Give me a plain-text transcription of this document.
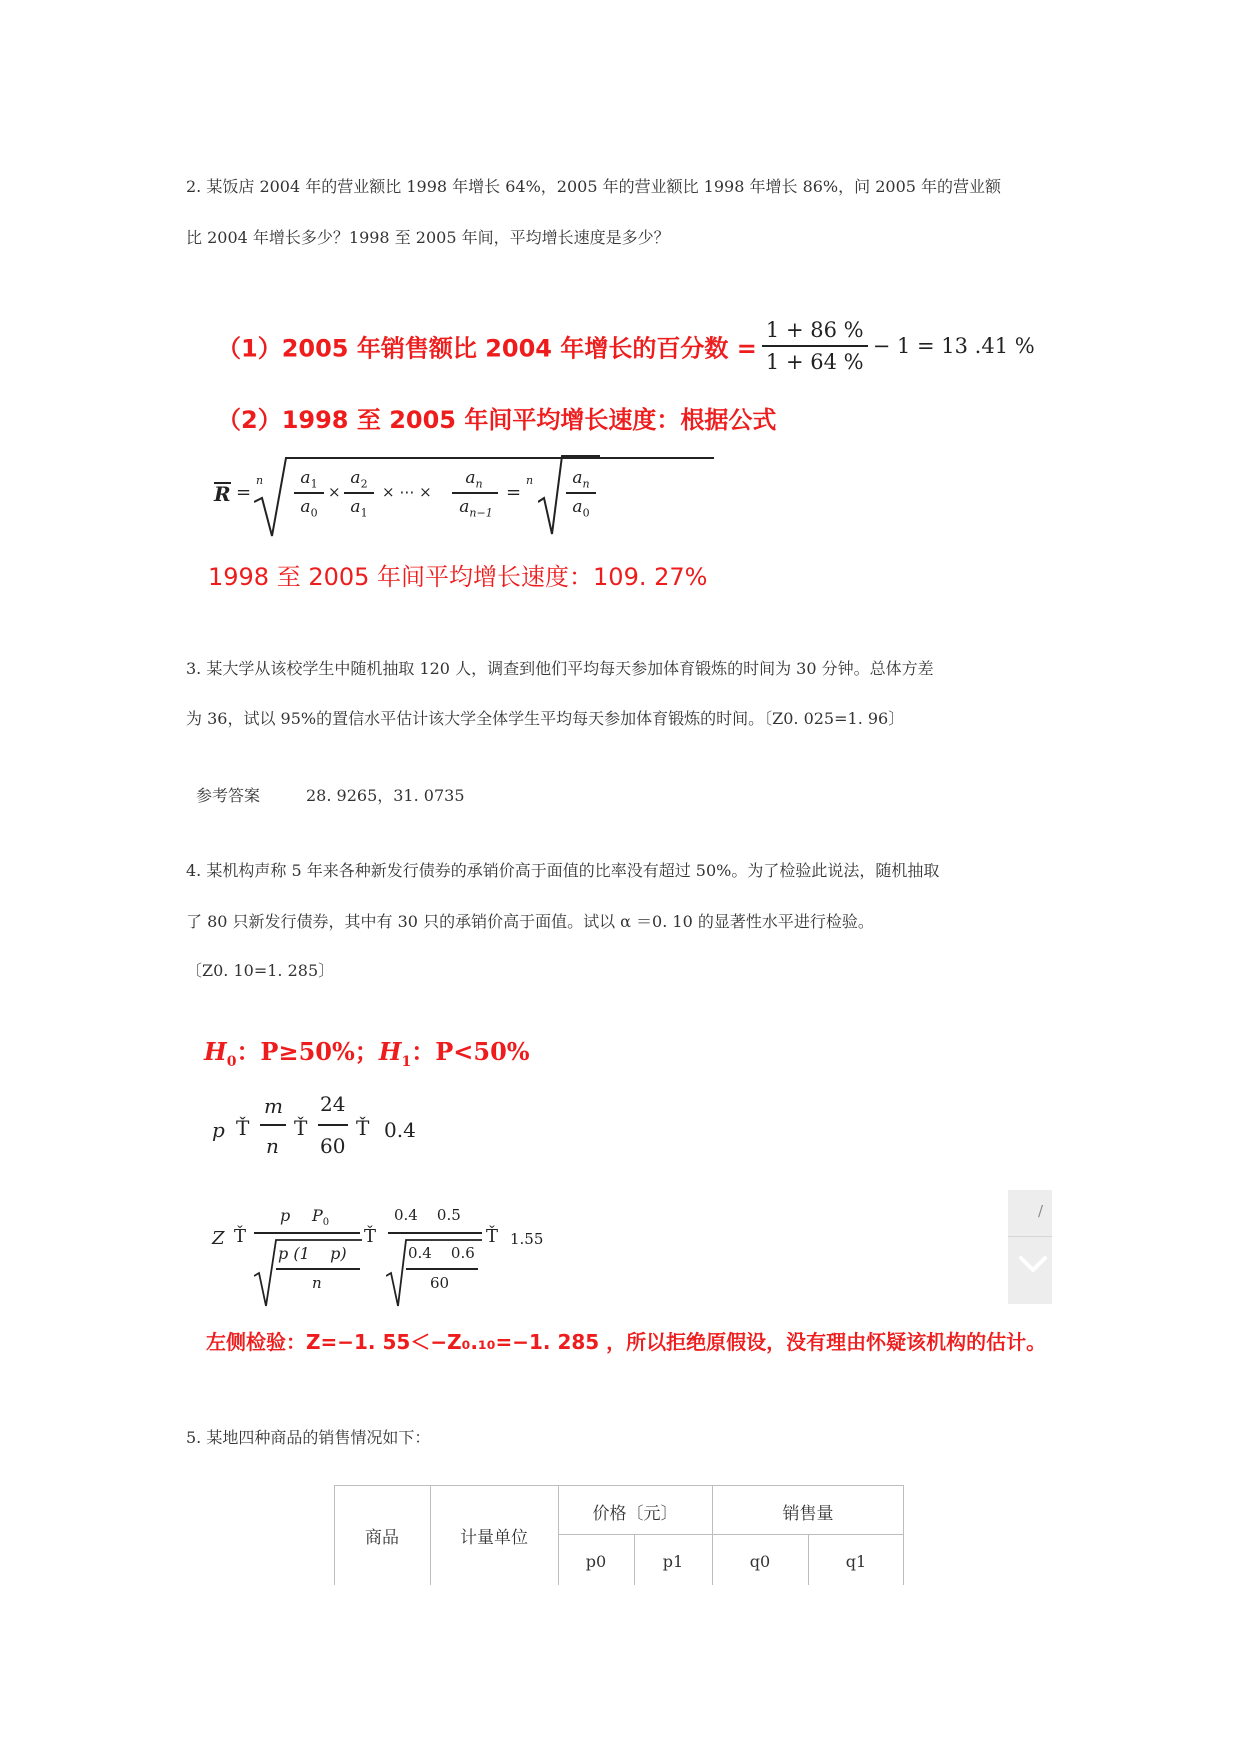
2. 某饭店 2004 年的营业额比 1998 年增长 64%，2005 年的营业额比 1998 年增长 86%，问 2005 年的营业额
比 2004 年增长多少？1998 至 2005 年间，平均增长速度是多少？
（1）2005 年销售额比 2004 年增长的百分数 = $\frac{1 + 86 \%}{1 + 64 \%} - 1 = 13$ .41 %
（2）1998 至 2005 年间平均增长速度：根据公式
R =
n	$a_1$
$a_0$
×
$a_2$
$a_1$
× ⋯ ×
$a_n$
$a_{n-1}$
=
n	$a_n$
$a_0$
1998 至 2005 年间平均增长速度：109. 27%
3. 某大学从该校学生中随机抽取 120 人，调查到他们平均每天参加体育锻炼的时间为 30 分钟。总体方差
为 36，试以 95%的置信水平估计该大学全体学生平均每天参加体育锻炼的时间。〔Z0. 025=1. 96〕
参考答案	28. 9265，31. 0735
4. 某机构声称 5 年来各种新发行债券的承销价高于面值的比率没有超过 50%。为了检验此说法，随机抽取
了 80 只新发行债券，其中有 30 只的承销价高于面值。试以 α ＝0. 10 的显著性水平进行检验。
〔Z0. 10=1. 285〕
$H_0$：P≥50%；$H_1$：P<50%
p Ť
m
n
Ť
24
60
Ť 0.4
Z Ť
p $P_0$
p (1    p)
n
Ť
0.4    0.5
0.4    0.6
60
Ť 1.55
左侧检验：Z=−1. 55＜−Z₀.₁₀=−1. 285 ，所以拒绝原假设，没有理由怀疑该机构的估计。
/
5. 某地四种商品的销售情况如下：
商品	计量单位
价格〔元〕	销售量
p0	p1	q0	q1
